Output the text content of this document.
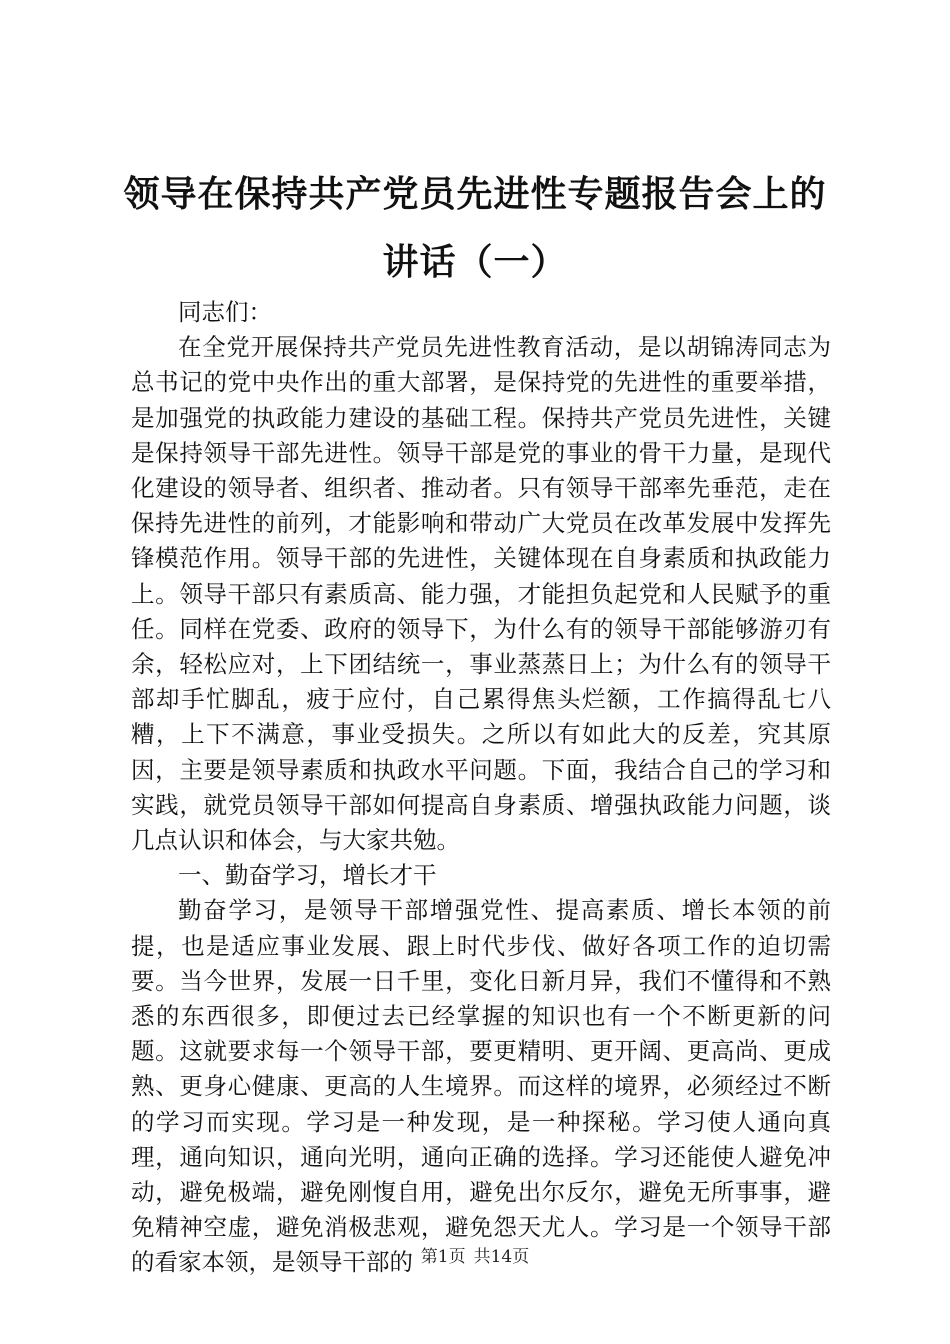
领导在保持共产党员先进性专题报告会上的讲话（一）

同志们：

在全党开展保持共产党员先进性教育活动，是以胡锦涛同志为总书记的党中央作出的重大部署，是保持党的先进性的重要举措，是加强党的执政能力建设的基础工程。保持共产党员先进性，关键是保持领导干部先进性。领导干部是党的事业的骨干力量，是现代化建设的领导者、组织者、推动者。只有领导干部率先垂范，走在保持先进性的前列，才能影响和带动广大党员在改革发展中发挥先锋模范作用。领导干部的先进性，关键体现在自身素质和执政能力上。领导干部只有素质高、能力强，才能担负起党和人民赋予的重任。同样在党委、政府的领导下，为什么有的领导干部能够游刃有余，轻松应对，上下团结统一，事业蒸蒸日上；为什么有的领导干部却手忙脚乱，疲于应付，自己累得焦头烂额，工作搞得乱七八糟，上下不满意，事业受损失。之所以有如此大的反差，究其原因，主要是领导素质和执政水平问题。下面，我结合自己的学习和实践，就党员领导干部如何提高自身素质、增强执政能力问题，谈几点认识和体会，与大家共勉。

一、勤奋学习，增长才干

勤奋学习，是领导干部增强党性、提高素质、增长本领的前提，也是适应事业发展、跟上时代步伐、做好各项工作的迫切需要。当今世界，发展一日千里，变化日新月异，我们不懂得和不熟悉的东西很多，即便过去已经掌握的知识也有一个不断更新的问题。这就要求每一个领导干部，要更精明、更开阔、更高尚、更成熟、更身心健康、更高的人生境界。而这样的境界，必须经过不断的学习而实现。学习是一种发现，是一种探秘。学习使人通向真理，通向知识，通向光明，通向正确的选择。学习还能使人避免冲动，避免极端，避免刚愎自用，避免出尔反尔，避免无所事事，避免精神空虚，避免消极悲观，避免怨天尤人。学习是一个领导干部的看家本领，是领导干部的 第1页 共14页
